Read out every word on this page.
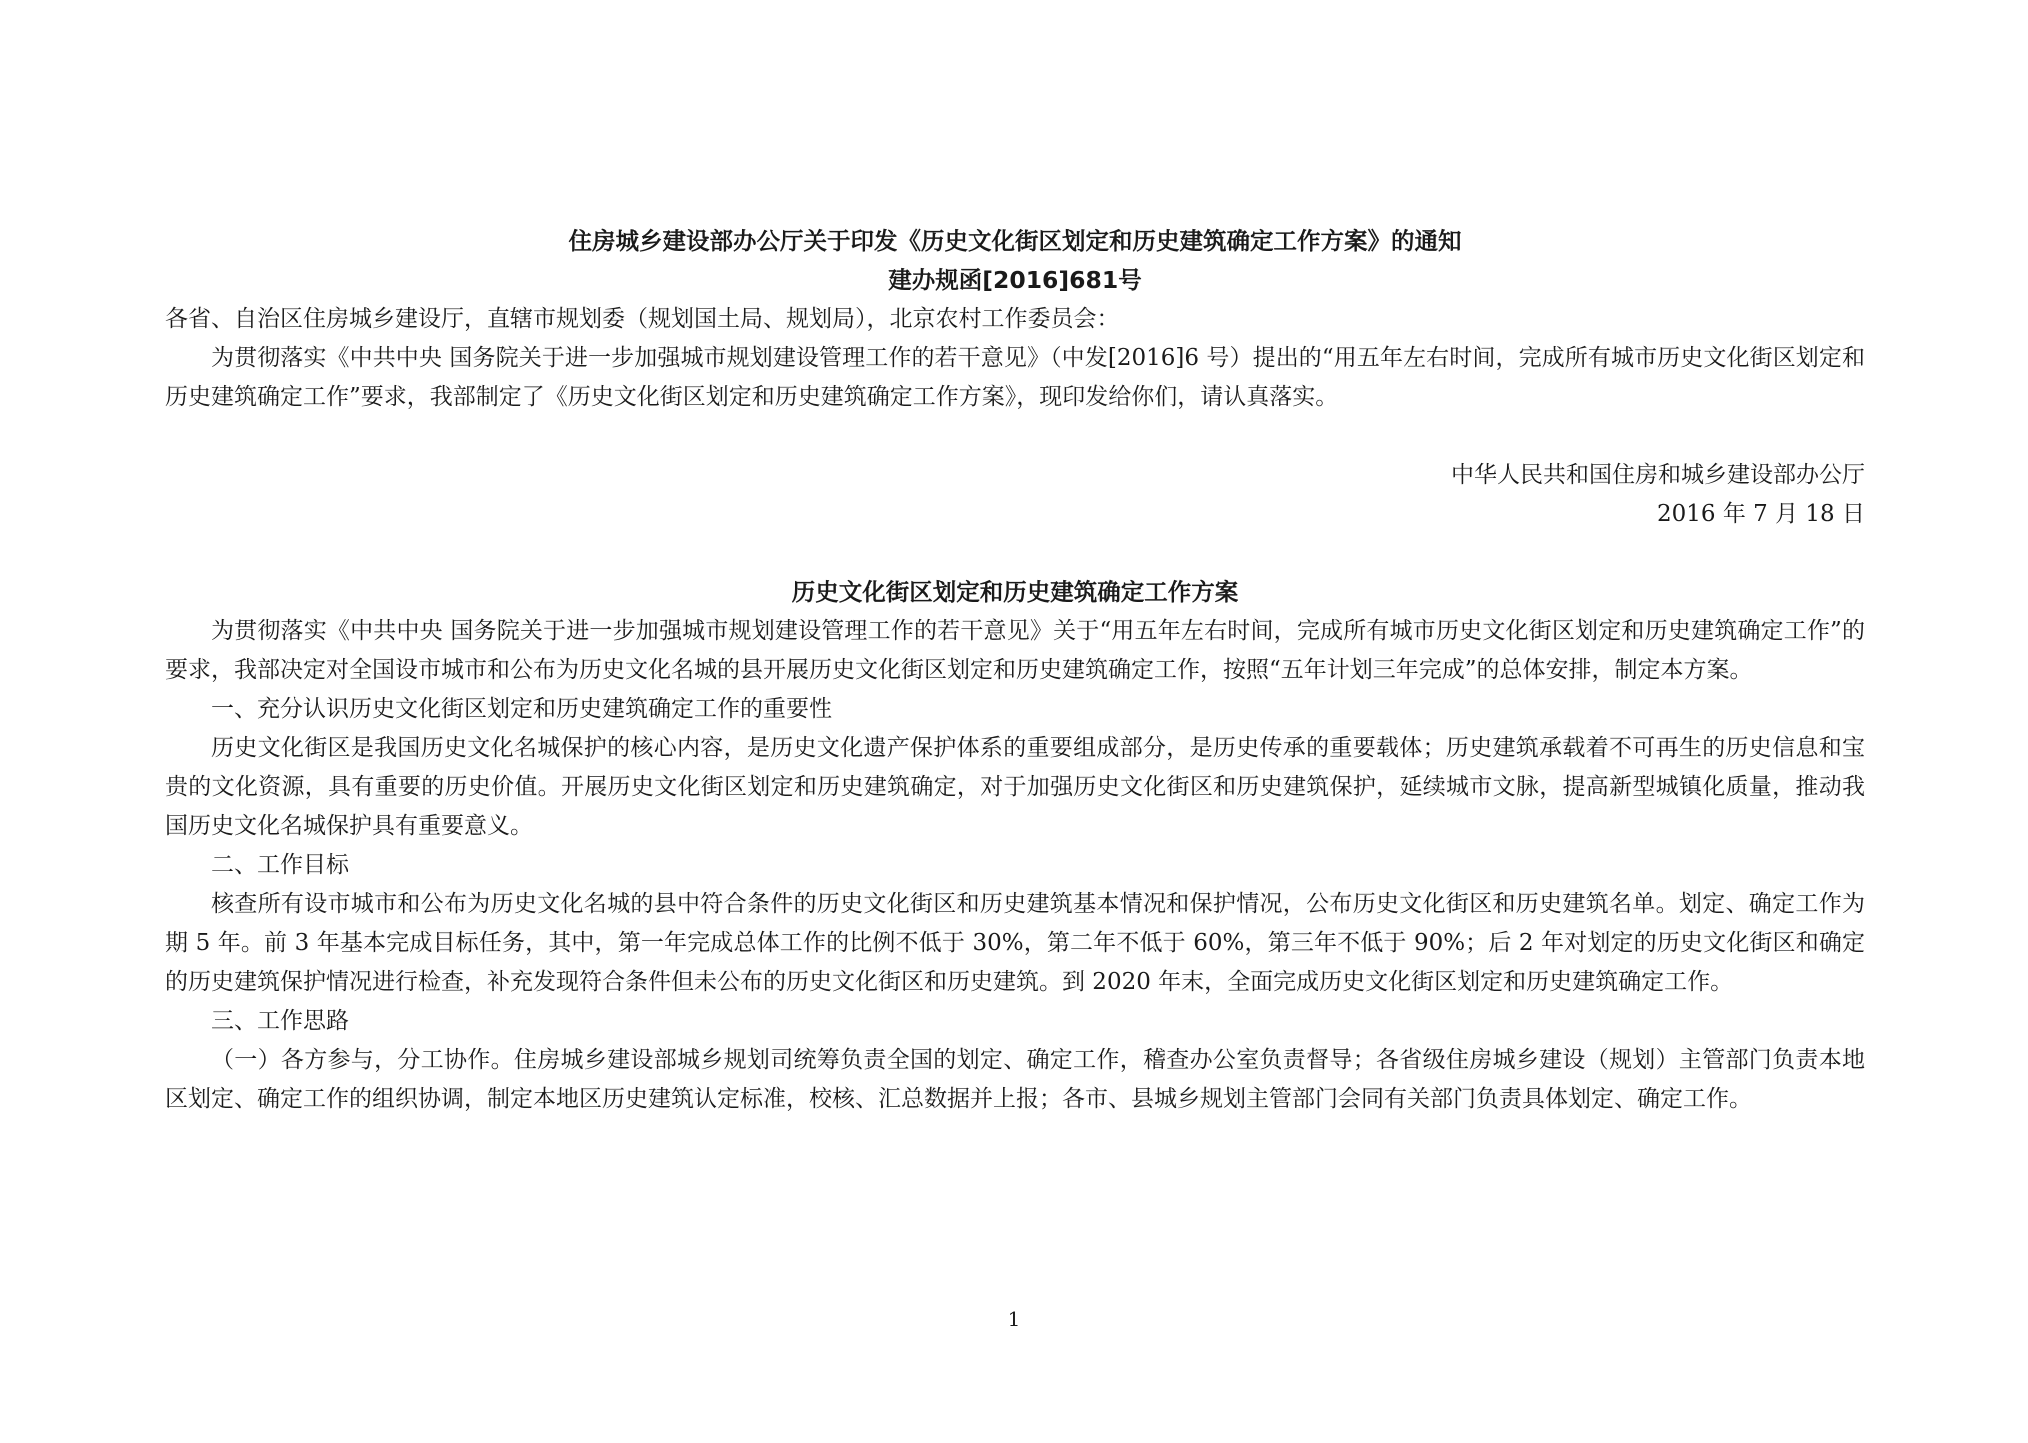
住房城乡建设部办公厅关于印发《历史文化街区划定和历史建筑确定工作方案》的通知

建办规函[2016]681号

各省、自治区住房城乡建设厅，直辖市规划委（规划国土局、规划局），北京农村工作委员会：

为贯彻落实《中共中央 国务院关于进一步加强城市规划建设管理工作的若干意见》（中发[2016]6 号）提出的“用五年左右时间，完成所有城市历史文化街区划定和历史建筑确定工作”要求，我部制定了《历史文化街区划定和历史建筑确定工作方案》，现印发给你们，请认真落实。

中华人民共和国住房和城乡建设部办公厅
2016 年 7 月 18 日

历史文化街区划定和历史建筑确定工作方案

为贯彻落实《中共中央 国务院关于进一步加强城市规划建设管理工作的若干意见》关于“用五年左右时间，完成所有城市历史文化街区划定和历史建筑确定工作”的要求，我部决定对全国设市城市和公布为历史文化名城的县开展历史文化街区划定和历史建筑确定工作，按照“五年计划三年完成”的总体安排，制定本方案。

一、充分认识历史文化街区划定和历史建筑确定工作的重要性

历史文化街区是我国历史文化名城保护的核心内容，是历史文化遗产保护体系的重要组成部分，是历史传承的重要载体；历史建筑承载着不可再生的历史信息和宝贵的文化资源，具有重要的历史价值。开展历史文化街区划定和历史建筑确定，对于加强历史文化街区和历史建筑保护，延续城市文脉，提高新型城镇化质量，推动我国历史文化名城保护具有重要意义。

二、工作目标

核查所有设市城市和公布为历史文化名城的县中符合条件的历史文化街区和历史建筑基本情况和保护情况，公布历史文化街区和历史建筑名单。划定、确定工作为期 5 年。前 3 年基本完成目标任务，其中，第一年完成总体工作的比例不低于 30%，第二年不低于 60%，第三年不低于 90%；后 2 年对划定的历史文化街区和确定的历史建筑保护情况进行检查，补充发现符合条件但未公布的历史文化街区和历史建筑。到 2020 年末，全面完成历史文化街区划定和历史建筑确定工作。

三、工作思路

（一）各方参与，分工协作。住房城乡建设部城乡规划司统筹负责全国的划定、确定工作，稽查办公室负责督导；各省级住房城乡建设（规划）主管部门负责本地区划定、确定工作的组织协调，制定本地区历史建筑认定标准，校核、汇总数据并上报；各市、县城乡规划主管部门会同有关部门负责具体划定、确定工作。

1
